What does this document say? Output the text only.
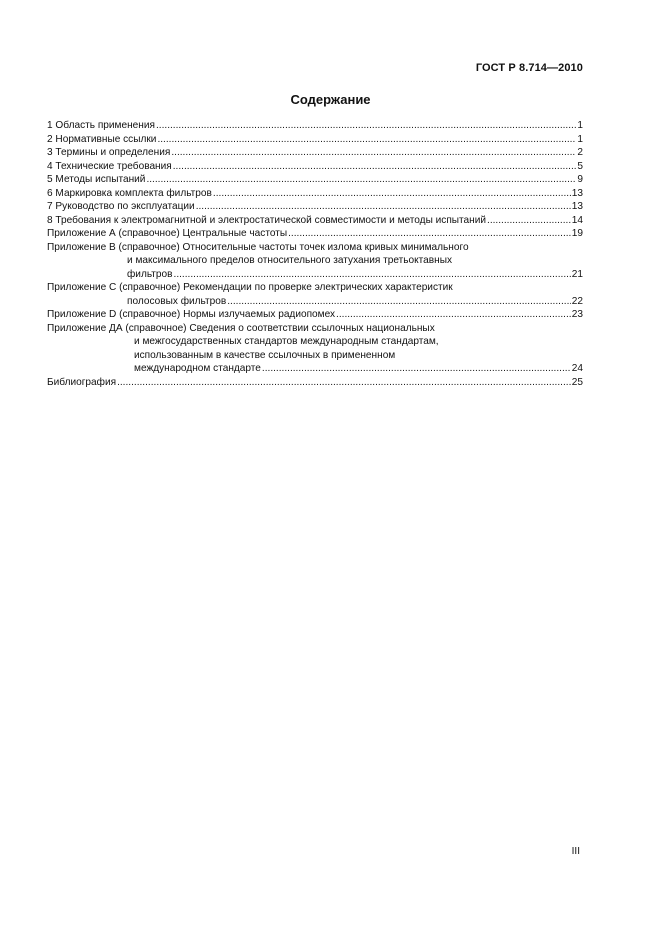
ГОСТ Р 8.714—2010
Содержание
1 Область применения .....	1
2 Нормативные ссылки .....	1
3 Термины и определения .....	2
4 Технические требования .....	5
5 Методы испытаний .....	9
6 Маркировка комплекта фильтров .....	13
7 Руководство по эксплуатации .....	13
8 Требования к электромагнитной и электростатической совместимости и методы испытаний .....	14
Приложение А (справочное) Центральные частоты .....	19
Приложение В (справочное) Относительные частоты точек излома кривых минимального
и максимального пределов относительного затухания третьоктавных
фильтров .....	21
Приложение С (справочное) Рекомендации по проверке электрических характеристик
полосовых фильтров .....	22
Приложение D (справочное) Нормы излучаемых радиопомех .....	23
Приложение ДА (справочное) Сведения о соответствии ссылочных национальных
и межгосударственных стандартов международным стандартам,
использованным в качестве ссылочных в примененном
международном стандарте .....	24
Библиография .....	25
III
